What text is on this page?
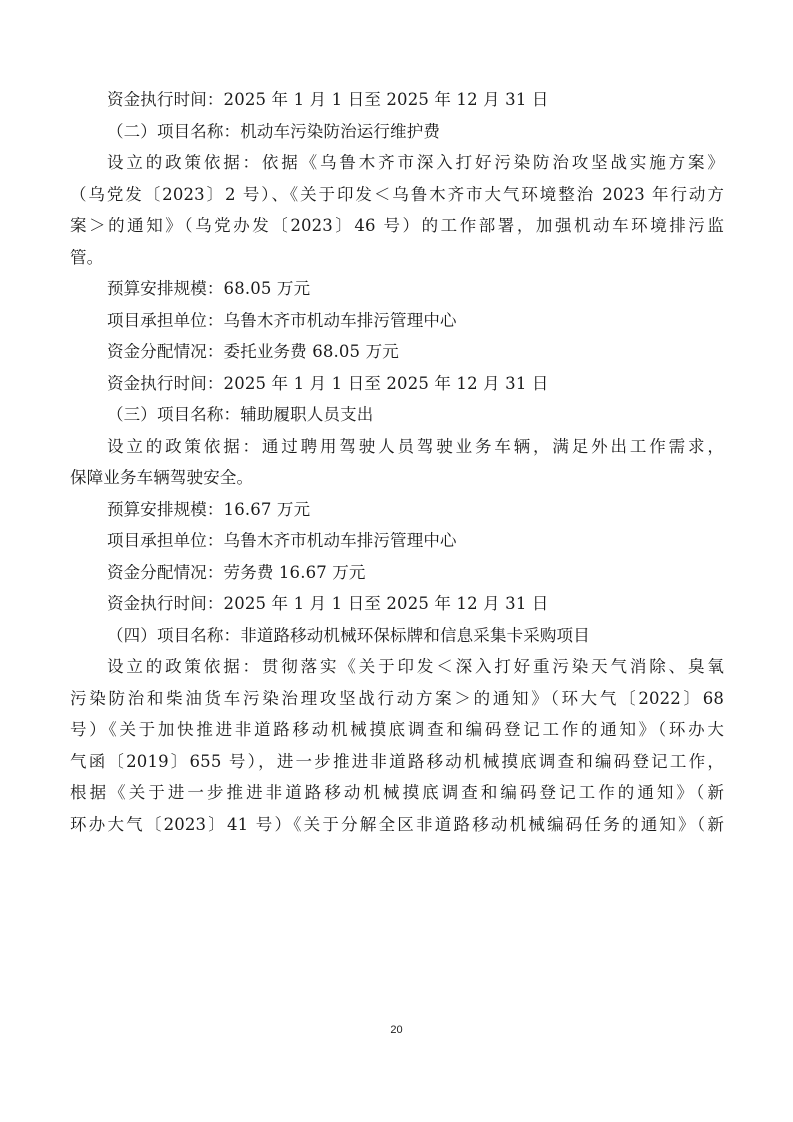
资金执行时间：2025 年 1 月 1 日至 2025 年 12 月 31 日
（二）项目名称：机动车污染防治运行维护费
设立的政策依据：依据《乌鲁木齐市深入打好污染防治攻坚战实施方案》
（乌党发〔2023〕2 号）、《关于印发＜乌鲁木齐市大气环境整治 2023 年行动方
案＞的通知》（乌党办发〔2023〕46 号）的工作部署，加强机动车环境排污监
管。
预算安排规模：68.05 万元
项目承担单位：乌鲁木齐市机动车排污管理中心
资金分配情况：委托业务费 68.05 万元
资金执行时间：2025 年 1 月 1 日至 2025 年 12 月 31 日
（三）项目名称：辅助履职人员支出
设立的政策依据：通过聘用驾驶人员驾驶业务车辆，满足外出工作需求，
保障业务车辆驾驶安全。
预算安排规模：16.67 万元
项目承担单位：乌鲁木齐市机动车排污管理中心
资金分配情况：劳务费 16.67 万元
资金执行时间：2025 年 1 月 1 日至 2025 年 12 月 31 日
（四）项目名称：非道路移动机械环保标牌和信息采集卡采购项目
设立的政策依据：贯彻落实《关于印发＜深入打好重污染天气消除、臭氧
污染防治和柴油货车污染治理攻坚战行动方案＞的通知》（环大气〔2022〕68
号）《关于加快推进非道路移动机械摸底调查和编码登记工作的通知》（环办大
气函〔2019〕655 号），进一步推进非道路移动机械摸底调查和编码登记工作，
根据《关于进一步推进非道路移动机械摸底调查和编码登记工作的通知》（新
环办大气〔2023〕41 号）《关于分解全区非道路移动机械编码任务的通知》（新
20
